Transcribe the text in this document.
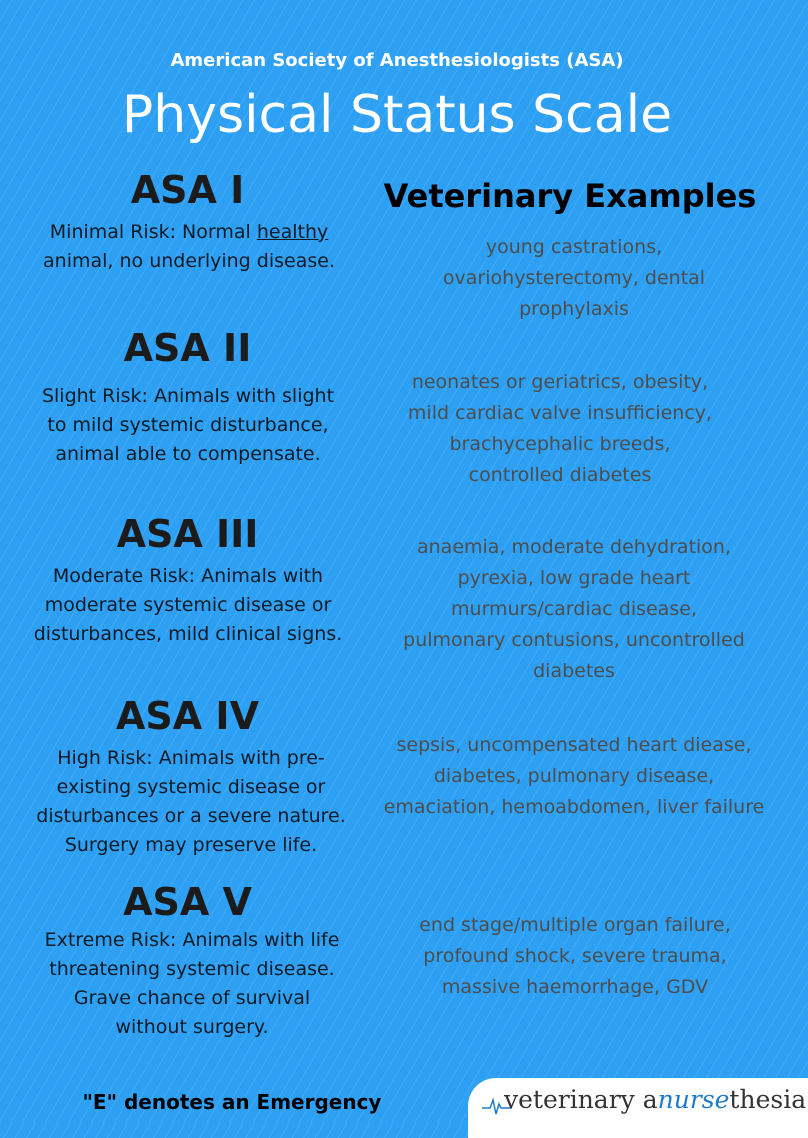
American Society of Anesthesiologists (ASA)
Physical Status Scale
Veterinary Examples
ASA I
Minimal Risk: Normal healthy animal, no underlying disease.
young castrations, ovariohysterectomy, dental prophylaxis
ASA II
Slight Risk: Animals with slight to mild systemic disturbance, animal able to compensate.
neonates or geriatrics, obesity, mild cardiac valve insufficiency, brachycephalic breeds, controlled diabetes
ASA III
Moderate Risk: Animals with moderate systemic disease or disturbances, mild clinical signs.
anaemia, moderate dehydration, pyrexia, low grade heart murmurs/cardiac disease, pulmonary contusions, uncontrolled diabetes
ASA IV
High Risk: Animals with pre-existing systemic disease or disturbances or a severe nature. Surgery may preserve life.
sepsis, uncompensated heart diease, diabetes, pulmonary disease, emaciation, hemoabdomen, liver failure
ASA V
Extreme Risk: Animals with life threatening systemic disease. Grave chance of survival without surgery.
end stage/multiple organ failure, profound shock, severe trauma, massive haemorrhage, GDV
"E" denotes an Emergency	veterinary anursethesia
